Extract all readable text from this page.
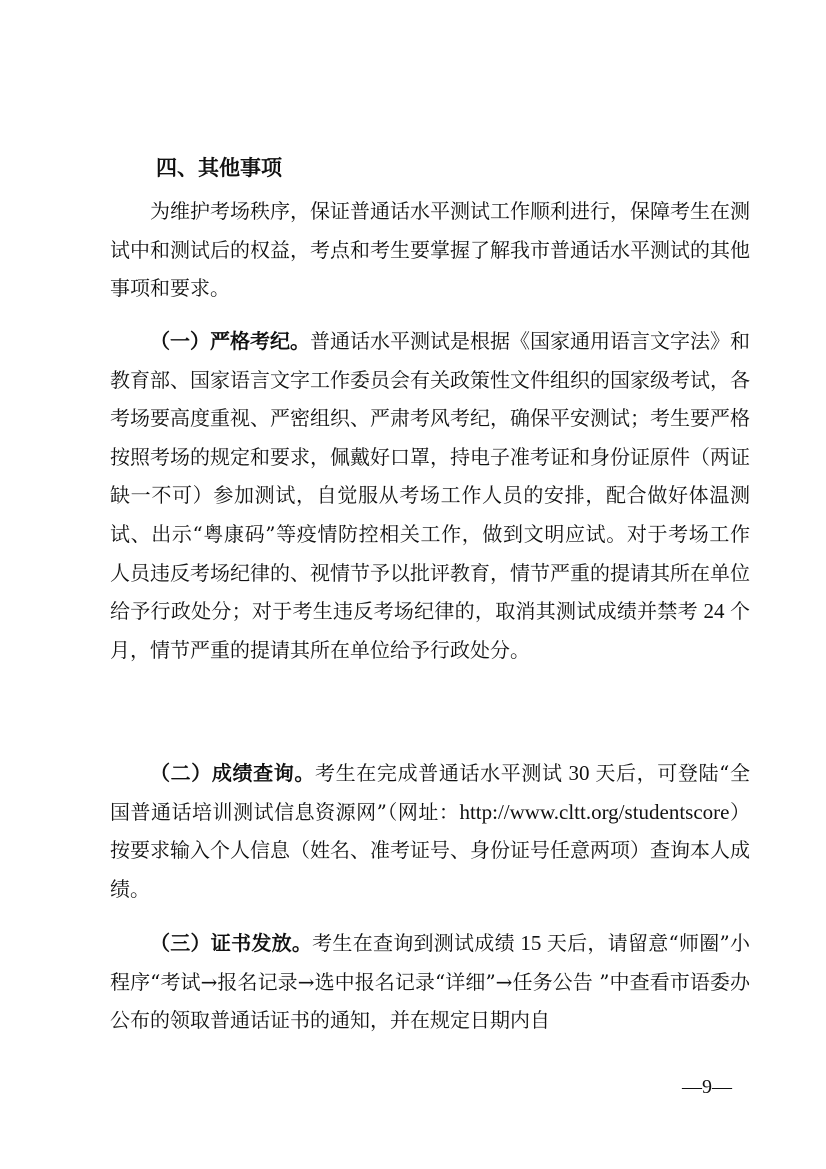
四、其他事项

为维护考场秩序，保证普通话水平测试工作顺利进行，保障考生在测试中和测试后的权益，考点和考生要掌握了解我市普通话水平测试的其他事项和要求。

（一）严格考纪。普通话水平测试是根据《国家通用语言文字法》和教育部、国家语言文字工作委员会有关政策性文件组织的国家级考试，各考场要高度重视、严密组织、严肃考风考纪，确保平安测试；考生要严格按照考场的规定和要求，佩戴好口罩，持电子准考证和身份证原件（两证缺一不可）参加测试，自觉服从考场工作人员的安排，配合做好体温测试、出示“粤康码”等疫情防控相关工作，做到文明应试。对于考场工作人员违反考场纪律的、视情节予以批评教育，情节严重的提请其所在单位给予行政处分；对于考生违反考场纪律的，取消其测试成绩并禁考 24 个月，情节严重的提请其所在单位给予行政处分。

（二）成绩查询。考生在完成普通话水平测试 30 天后，可登陆“全国普通话培训测试信息资源网”（网址：http://www.cltt.org/studentscore）按要求输入个人信息（姓名、准考证号、身份证号任意两项）查询本人成绩。

（三）证书发放。考生在查询到测试成绩 15 天后，请留意“师圈”小程序“考试→报名记录→选中报名记录“详细”→任务公告 ”中查看市语委办公布的领取普通话证书的通知，并在规定日期内自

—9—
